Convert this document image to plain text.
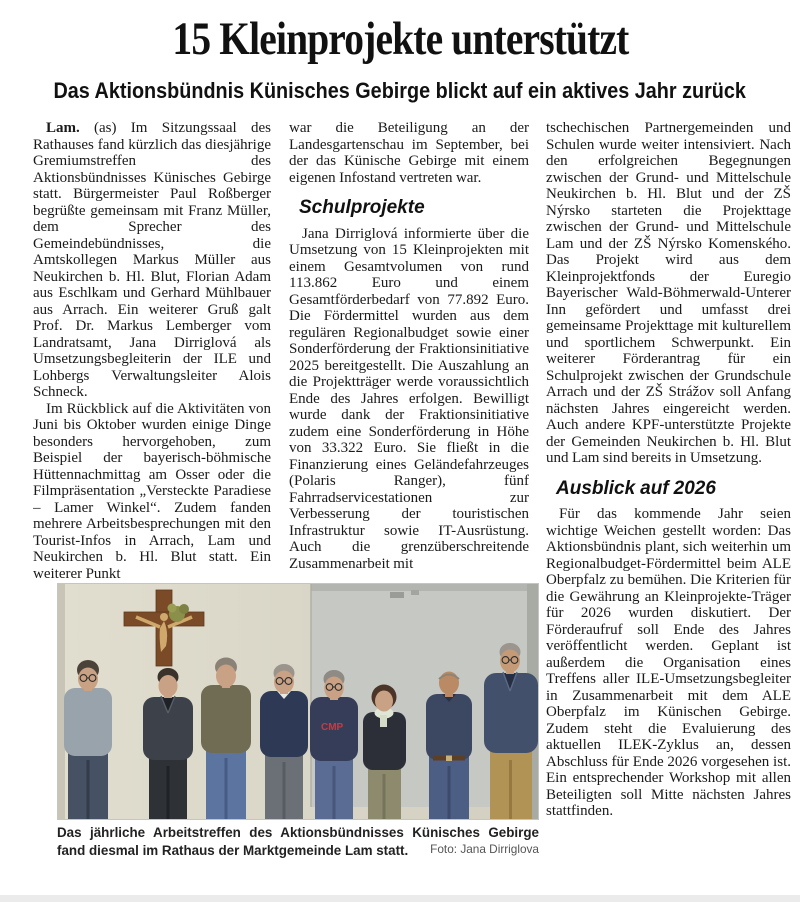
15 Kleinprojekte unterstützt
Das Aktionsbündnis Künisches Gebirge blickt auf ein aktives Jahr zurück

Lam. (as) Im Sitzungssaal des Rathauses fand kürzlich das diesjährige Gremiumstreffen des Aktionsbündnisses Künisches Gebirge statt. Bürgermeister Paul Roßberger begrüßte gemeinsam mit Franz Müller, dem Sprecher des Gemeindebündnisses, die Amtskollegen Markus Müller aus Neukirchen b. Hl. Blut, Florian Adam aus Eschlkam und Gerhard Mühlbauer aus Arrach. Ein weiterer Gruß galt Prof. Dr. Markus Lemberger vom Landratsamt, Jana Dirriglová als Umsetzungsbegleiterin der ILE und Lohbergs Verwaltungsleiter Alois Schneck.

Im Rückblick auf die Aktivitäten von Juni bis Oktober wurden einige Dinge besonders hervorgehoben, zum Beispiel der bayerisch-böhmische Hüttennachmittag am Osser oder die Filmpräsentation „Versteckte Paradiese – Lamer Winkel“. Zudem fanden mehrere Arbeitsbesprechungen mit den Tourist-Infos in Arrach, Lam und Neukirchen b. Hl. Blut statt. Ein weiterer Punkt

war die Beteiligung an der Landesgartenschau im September, bei der das Künische Gebirge mit einem eigenen Infostand vertreten war.

Schulprojekte

Jana Dirriglová informierte über die Umsetzung von 15 Kleinprojekten mit einem Gesamtvolumen von rund 113.862 Euro und einem Gesamtförderbedarf von 77.892 Euro. Die Fördermittel wurden aus dem regulären Regionalbudget sowie einer Sonderförderung der Fraktionsinitiative 2025 bereitgestellt. Die Auszahlung an die Projektträger werde voraussichtlich Ende des Jahres erfolgen. Bewilligt wurde dank der Fraktionsinitiative zudem eine Sonderförderung in Höhe von 33.322 Euro. Sie fließt in die Finanzierung eines Geländefahrzeuges (Polaris Ranger), fünf Fahrradservicestationen zur Verbesserung der touristischen Infrastruktur sowie IT-Ausrüstung. Auch die grenzüberschreitende Zusammenarbeit mit

tschechischen Partnergemeinden und Schulen wurde weiter intensiviert. Nach den erfolgreichen Begegnungen zwischen der Grund- und Mittelschule Neukirchen b. Hl. Blut und der ZŠ Nýrsko starteten die Projekttage zwischen der Grund- und Mittelschule Lam und der ZŠ Nýrsko Komenského. Das Projekt wird aus dem Kleinprojektfonds der Euregio Bayerischer Wald-Böhmerwald-Unterer Inn gefördert und umfasst drei gemeinsame Projekttage mit kulturellem und sportlichem Schwerpunkt. Ein weiterer Förderantrag für ein Schulprojekt zwischen der Grundschule Arrach und der ZŠ Strážov soll Anfang nächsten Jahres eingereicht werden. Auch andere KPF-unterstützte Projekte der Gemeinden Neukirchen b. Hl. Blut und Lam sind bereits in Umsetzung.

Ausblick auf 2026

Für das kommende Jahr seien wichtige Weichen gestellt worden: Das Aktionsbündnis plant, sich weiterhin um Regionalbudget-Fördermittel beim ALE Oberpfalz zu bemühen. Die Kriterien für die Gewährung an Kleinprojekte-Träger für 2026 wurden diskutiert. Der Förderaufruf soll Ende des Jahres veröffentlicht werden. Geplant ist außerdem die Organisation eines Treffens aller ILE-Umsetzungsbegleiter in Zusammenarbeit mit dem ALE Oberpfalz im Künischen Gebirge. Zudem steht die Evaluierung des aktuellen ILEK-Zyklus an, dessen Abschluss für Ende 2026 vorgesehen ist. Ein entsprechender Workshop mit allen Beteiligten soll Mitte nächsten Jahres stattfinden.

CMP
Das jährliche Arbeitstreffen des Aktionsbündnisses Künisches Gebirge fand diesmal im Rathaus der Marktgemeinde Lam statt.	Foto: Jana Dirriglova
